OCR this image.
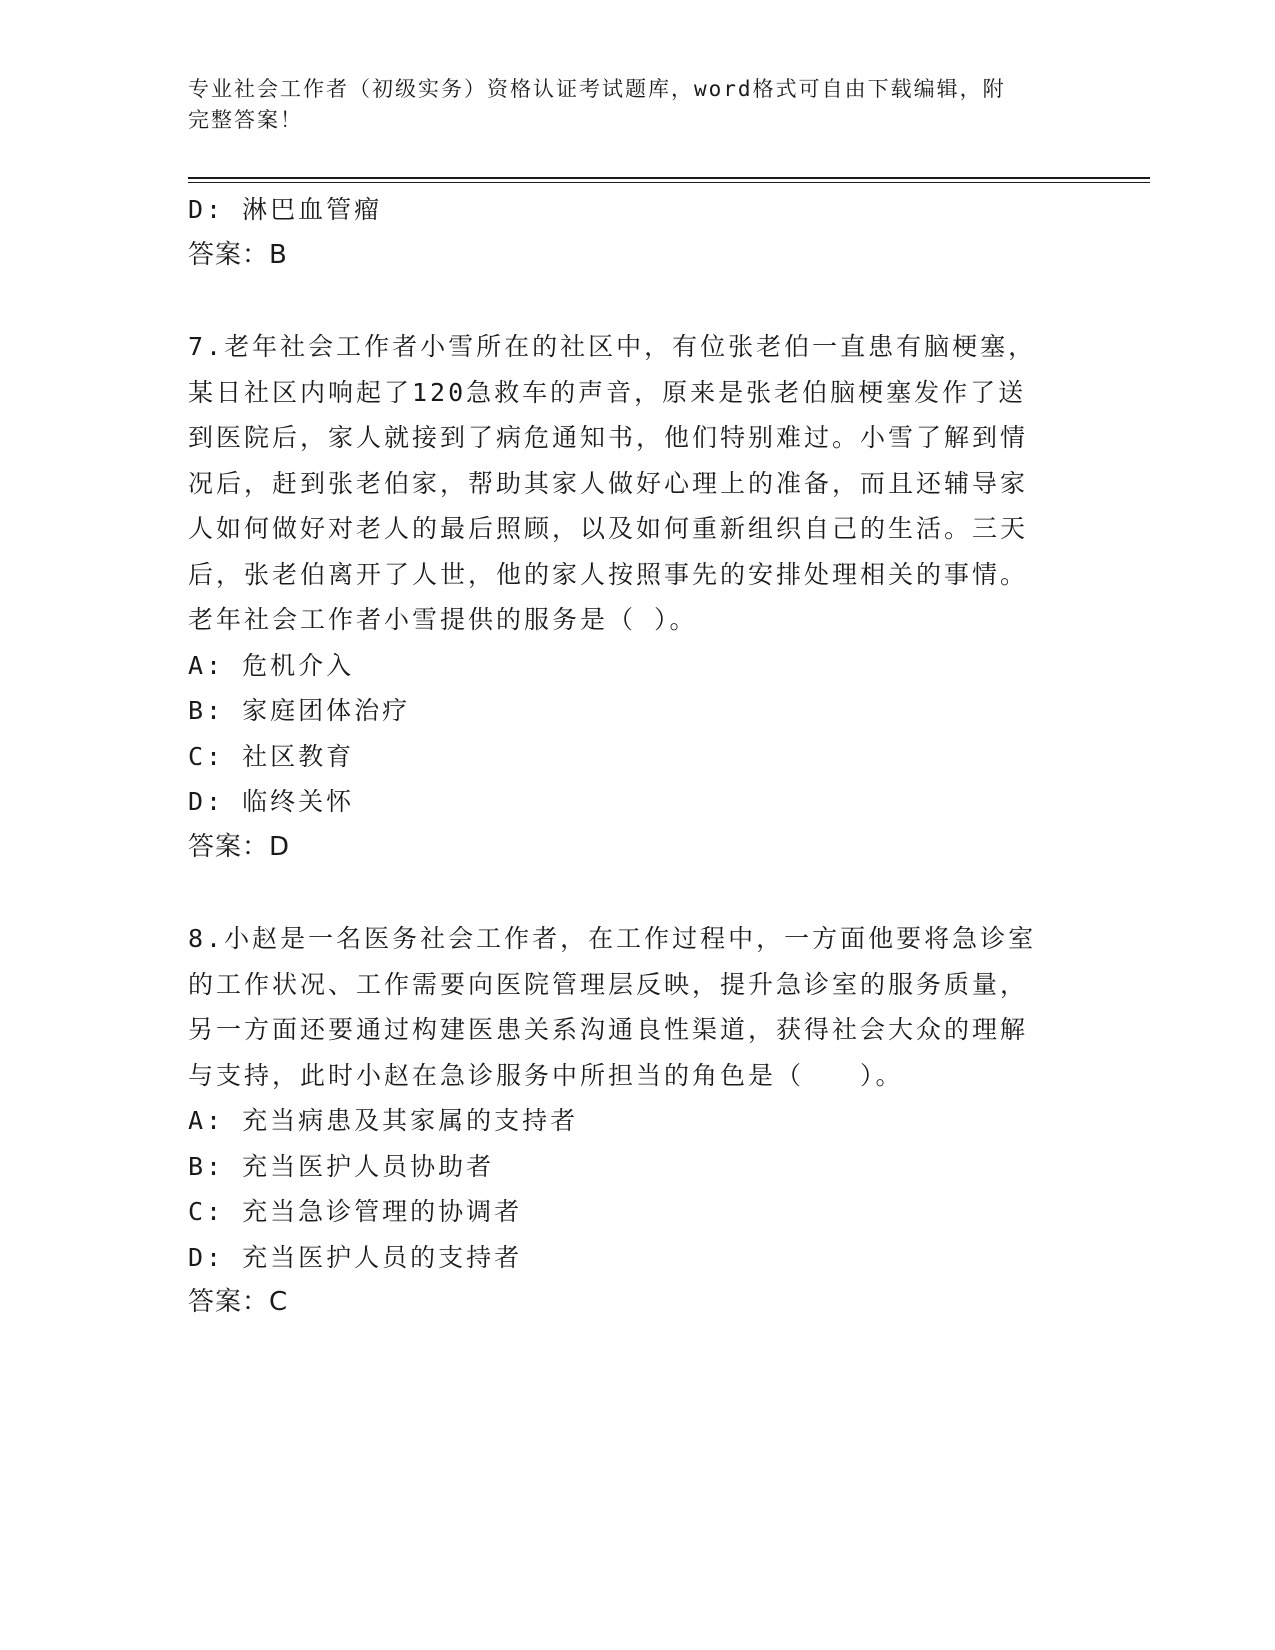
专业社会工作者（初级实务）资格认证考试题库，word格式可自由下载编辑，附
完整答案！
D: 淋巴血管瘤
答案：B
7.老年社会工作者小雪所在的社区中，有位张老伯一直患有脑梗塞，
某日社区内响起了120急救车的声音，原来是张老伯脑梗塞发作了送
到医院后，家人就接到了病危通知书，他们特别难过。小雪了解到情
况后，赶到张老伯家，帮助其家人做好心理上的准备，而且还辅导家
人如何做好对老人的最后照顾，以及如何重新组织自己的生活。三天
后，张老伯离开了人世，他的家人按照事先的安排处理相关的事情。
老年社会工作者小雪提供的服务是（ ）。
A: 危机介入
B: 家庭团体治疗
C: 社区教育
D: 临终关怀
答案：D
8.小赵是一名医务社会工作者，在工作过程中，一方面他要将急诊室
的工作状况、工作需要向医院管理层反映，提升急诊室的服务质量，
另一方面还要通过构建医患关系沟通良性渠道，获得社会大众的理解
与支持，此时小赵在急诊服务中所担当的角色是（　　）。
A: 充当病患及其家属的支持者
B: 充当医护人员协助者
C: 充当急诊管理的协调者
D: 充当医护人员的支持者
答案：C
